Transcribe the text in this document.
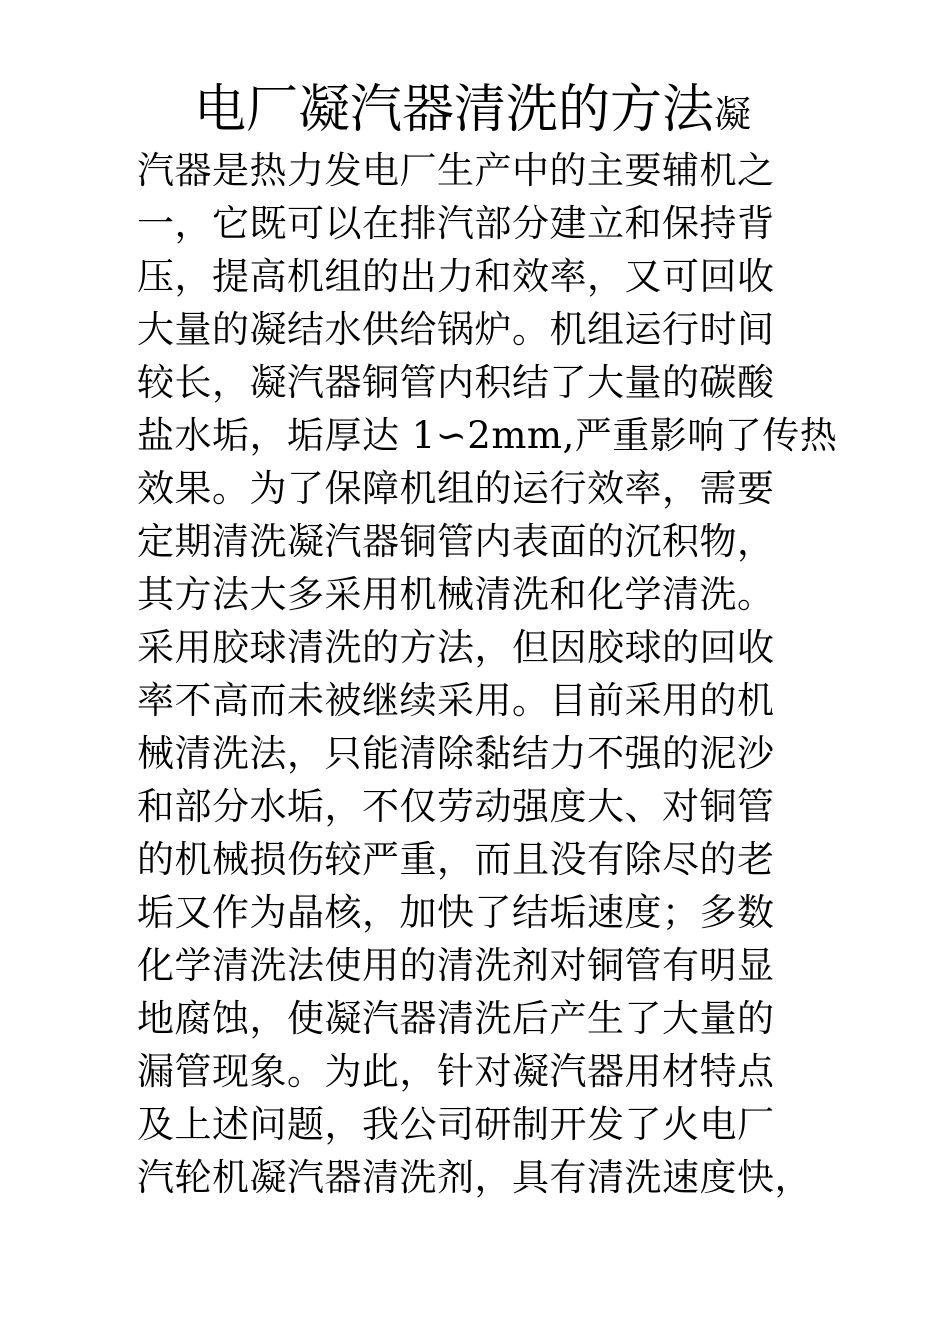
电厂凝汽器清洗的方法凝
汽器是热力发电厂生产中的主要辅机之
一，它既可以在排汽部分建立和保持背
压，提高机组的出力和效率，又可回收
大量的凝结水供给锅炉。机组运行时间
较长，凝汽器铜管内积结了大量的碳酸
盐水垢，垢厚达 1∽2mm,严重影响了传热
效果。为了保障机组的运行效率，需要
定期清洗凝汽器铜管内表面的沉积物，
其方法大多采用机械清洗和化学清洗。
采用胶球清洗的方法，但因胶球的回收
率不高而未被继续采用。目前采用的机
械清洗法，只能清除黏结力不强的泥沙
和部分水垢，不仅劳动强度大、对铜管
的机械损伤较严重，而且没有除尽的老
垢又作为晶核，加快了结垢速度；多数
化学清洗法使用的清洗剂对铜管有明显
地腐蚀，使凝汽器清洗后产生了大量的
漏管现象。为此，针对凝汽器用材特点
及上述问题，我公司研制开发了火电厂
汽轮机凝汽器清洗剂，具有清洗速度快，
